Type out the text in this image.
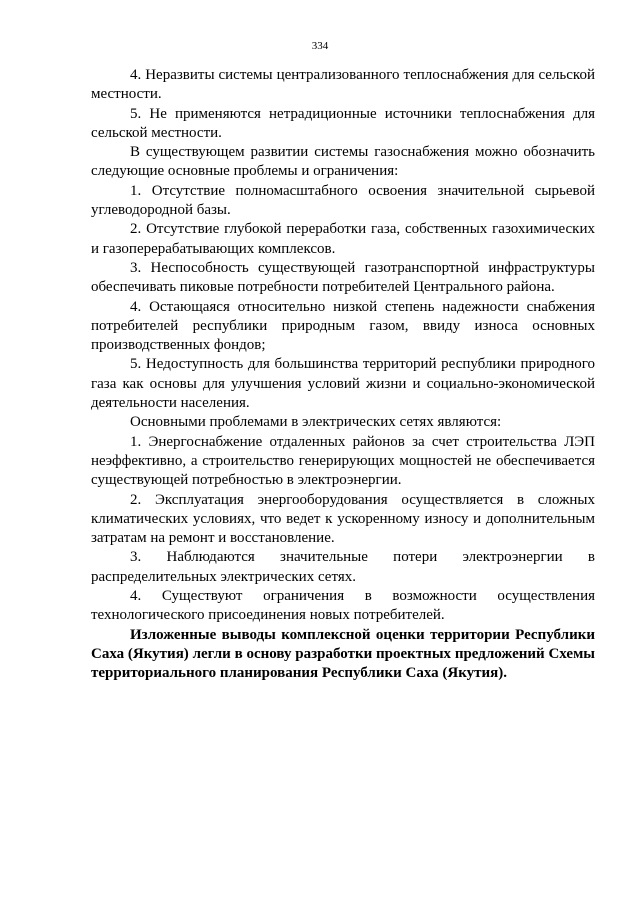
334

4. Неразвиты системы централизованного теплоснабжения для сельской местности.

5. Не применяются нетрадиционные источники теплоснабжения для сельской местности.

В существующем развитии системы газоснабжения можно обозначить следующие основные проблемы и ограничения:

1. Отсутствие полномасштабного освоения значительной сырьевой углеводородной базы.

2. Отсутствие глубокой переработки газа, собственных газохимических и газоперерабатывающих комплексов.

3. Неспособность существующей газотранспортной инфраструктуры обеспечивать пиковые потребности потребителей Центрального района.

4. Остающаяся относительно низкой степень надежности снабжения потребителей республики природным газом, ввиду износа основных производственных фондов;

5. Недоступность для большинства территорий республики природного газа как основы для улучшения условий жизни и социально-экономической деятельности населения.

Основными проблемами в электрических сетях являются:

1. Энергоснабжение отдаленных районов за счет строительства ЛЭП неэффективно, а строительство генерирующих мощностей не обеспечивается существующей потребностью в электроэнергии.

2. Эксплуатация энергооборудования осуществляется в сложных климатических условиях, что ведет к ускоренному износу и дополнительным затратам на ремонт и восстановление.

3. Наблюдаются значительные потери электроэнергии в распределительных электрических сетях.

4. Существуют ограничения в возможности осуществления технологического присоединения новых потребителей.

Изложенные выводы комплексной оценки территории Республики Саха (Якутия) легли в основу разработки проектных предложений Схемы территориального планирования Республики Саха (Якутия).
